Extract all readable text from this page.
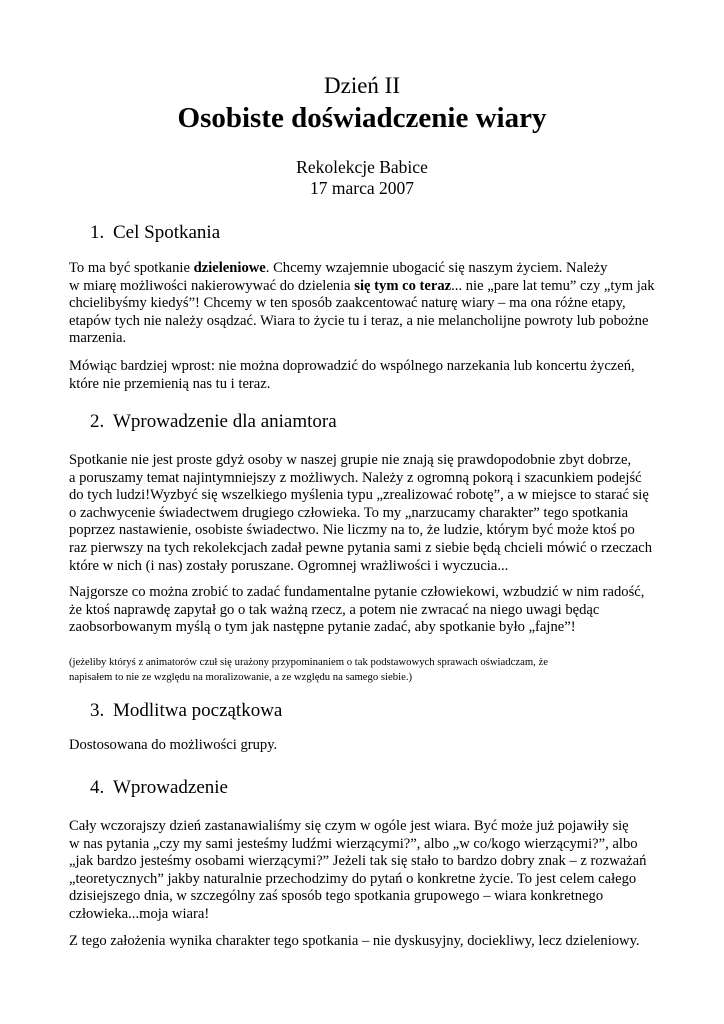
Dzień II
Osobiste doświadczenie wiary
Rekolekcje Babice
17 marca 2007
1. Cel Spotkania
To ma być spotkanie dzieleniowe. Chcemy wzajemnie ubogacić się naszym życiem. Należy
w miarę możliwości nakierowywać do dzielenia się tym co teraz... nie „pare lat temu” czy „tym jak
chcielibyśmy kiedyś”! Chcemy w ten sposób zaakcentować naturę wiary – ma ona różne etapy,
etapów tych nie należy osądzać. Wiara to życie tu i teraz, a nie melancholijne powroty lub pobożne
marzenia.
Mówiąc bardziej wprost: nie można doprowadzić do wspólnego narzekania lub koncertu życzeń,
które nie przemienią nas tu i teraz.
2. Wprowadzenie dla aniamtora
Spotkanie nie jest proste gdyż osoby w naszej grupie nie znają się prawdopodobnie zbyt dobrze,
a poruszamy temat najintymniejszy z możliwych. Należy z ogromną pokorą i szacunkiem podejść
do tych ludzi!Wyzbyć się wszelkiego myślenia typu „zrealizować robotę”, a w miejsce to starać się
o zachwycenie świadectwem drugiego człowieka. To my „narzucamy charakter” tego spotkania
poprzez nastawienie, osobiste świadectwo. Nie liczmy na to, że ludzie, którym być może ktoś po
raz pierwszy na tych rekolekcjach zadał pewne pytania sami z siebie będą chcieli mówić o rzeczach
które w nich (i nas) zostały poruszane. Ogromnej wrażliwości i wyczucia...
Najgorsze co można zrobić to zadać fundamentalne pytanie człowiekowi, wzbudzić w nim radość,
że ktoś naprawdę zapytał go o tak ważną rzecz, a potem nie zwracać na niego uwagi będąc
zaobsorbowanym myślą o tym jak następne pytanie zadać, aby spotkanie było „fajne”!
(jeżeliby któryś z animatorów czuł się urażony przypominaniem o tak podstawowych sprawach oświadczam, że
napisałem to nie ze względu na moralizowanie, a ze względu na samego siebie.)
3. Modlitwa początkowa
Dostosowana do możliwości grupy.
4. Wprowadzenie
Cały wczorajszy dzień zastanawialiśmy się czym w ogóle jest wiara. Być może już pojawiły się
w nas pytania „czy my sami jesteśmy ludźmi wierzącymi?”, albo „w co/kogo wierzącymi?”, albo
„jak bardzo jesteśmy osobami wierzącymi?” Jeżeli tak się stało to bardzo dobry znak – z rozważań
„teoretycznych” jakby naturalnie przechodzimy do pytań o konkretne życie. To jest celem całego
dzisiejszego dnia, w szczególny zaś sposób tego spotkania grupowego – wiara konkretnego
człowieka...moja wiara!
Z tego założenia wynika charakter tego spotkania – nie dyskusyjny, dociekliwy, lecz dzieleniowy.
